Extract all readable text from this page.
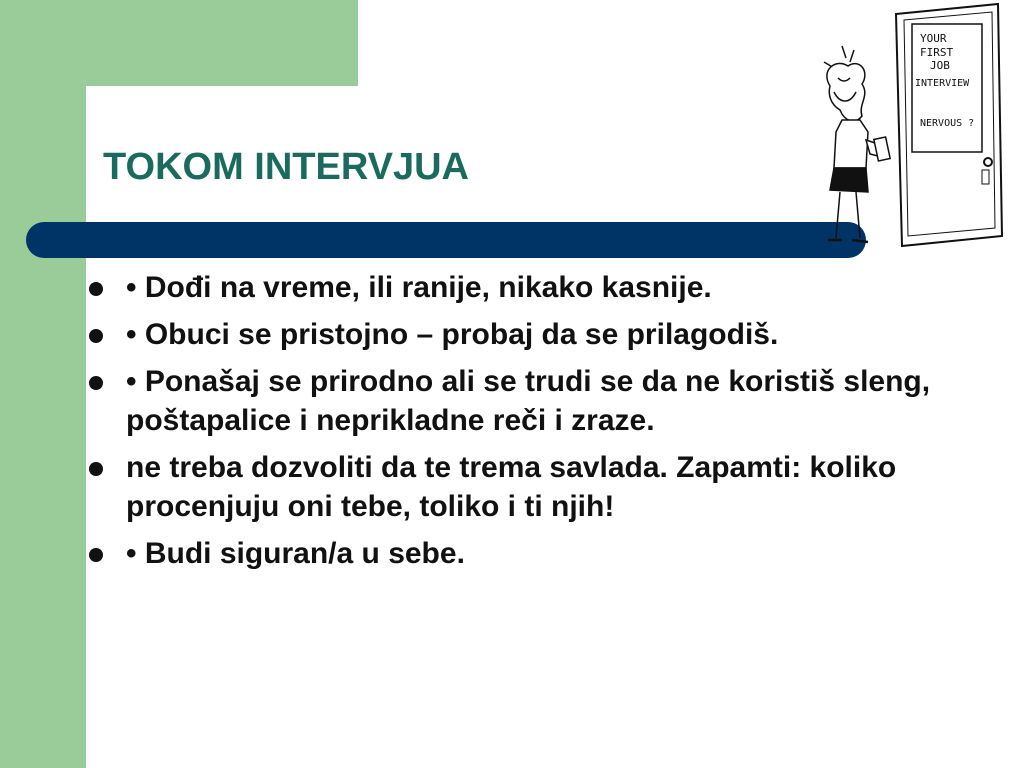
TOKOM INTERVJUA
YOUR
FIRST
JOB
INTERVIEW
NERVOUS ?
• Dođi na vreme, ili ranije, nikako kasnije.
• Obuci se pristojno – probaj da se prilagodiš.
• Ponašaj se prirodno ali se trudi se da ne koristiš sleng, poštapalice i neprikladne reči i zraze.
ne treba dozvoliti da te trema savlada. Zapamti: koliko procenjuju oni tebe, toliko i ti njih!
• Budi siguran/a u sebe.
